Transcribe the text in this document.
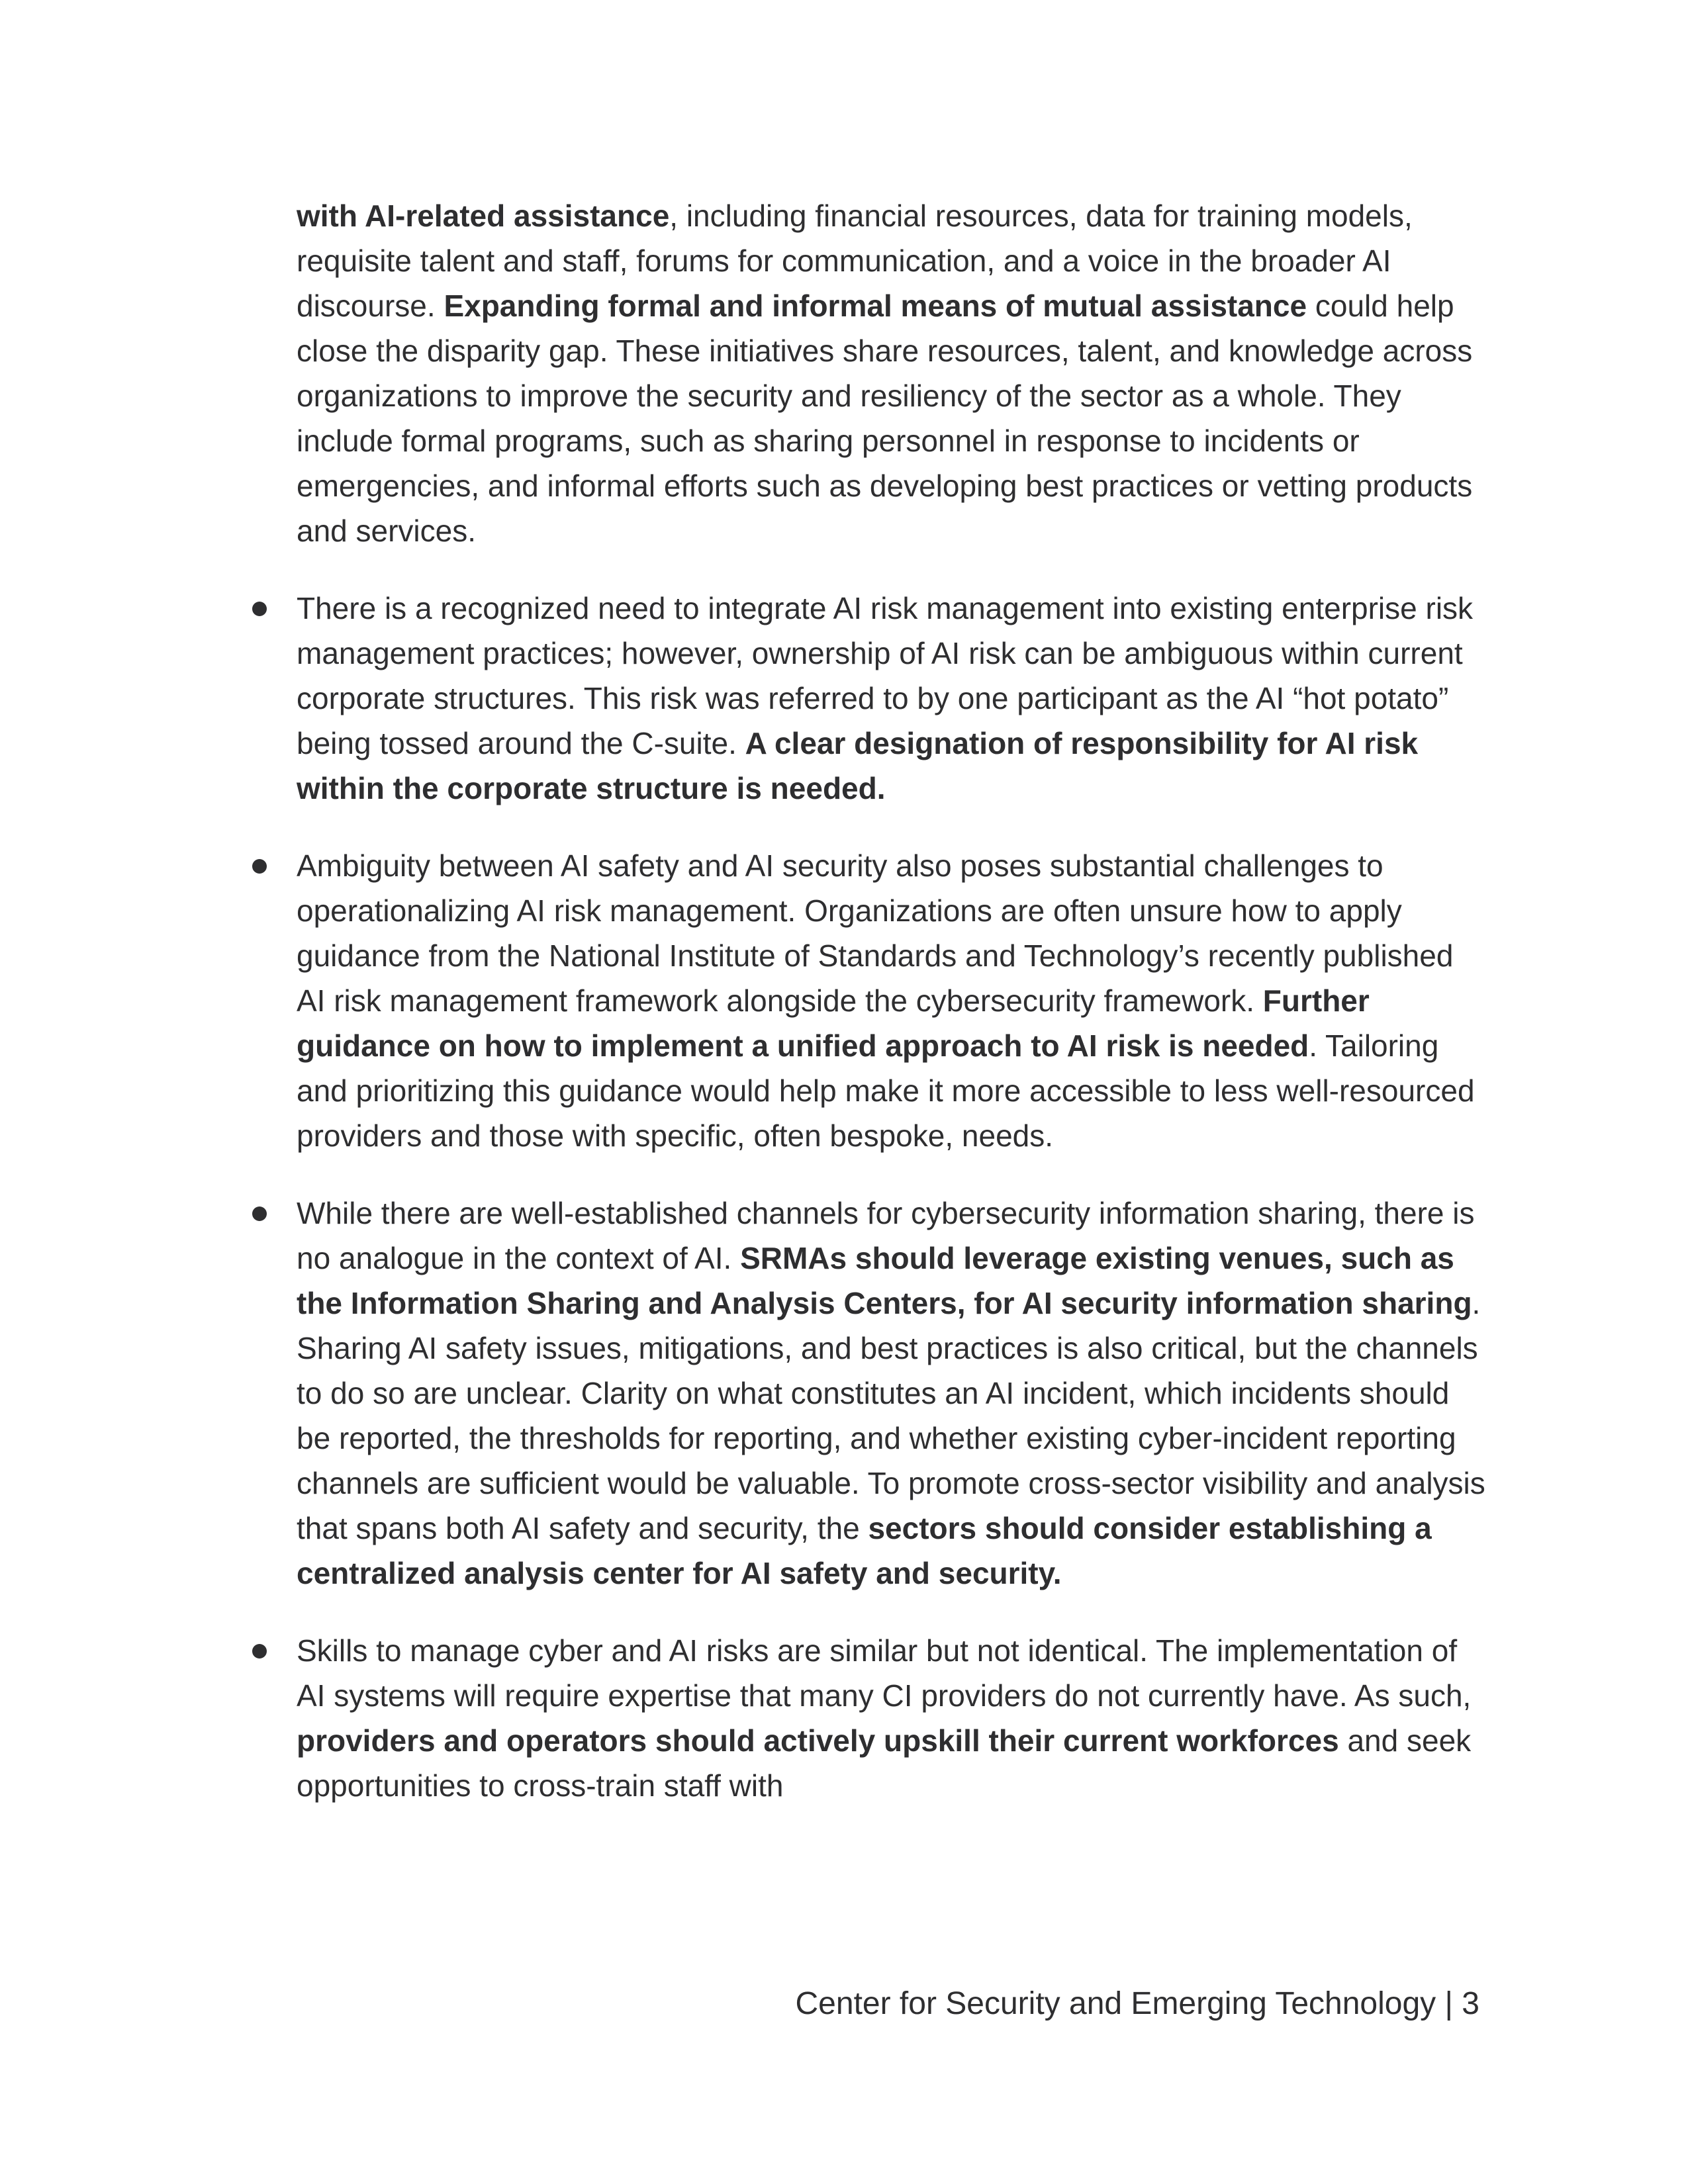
with AI-related assistance, including financial resources, data for training models, requisite talent and staff, forums for communication, and a voice in the broader AI discourse. Expanding formal and informal means of mutual assistance could help close the disparity gap. These initiatives share resources, talent, and knowledge across organizations to improve the security and resiliency of the sector as a whole. They include formal programs, such as sharing personnel in response to incidents or emergencies, and informal efforts such as developing best practices or vetting products and services.

There is a recognized need to integrate AI risk management into existing enterprise risk management practices; however, ownership of AI risk can be ambiguous within current corporate structures. This risk was referred to by one participant as the AI “hot potato” being tossed around the C-suite. A clear designation of responsibility for AI risk within the corporate structure is needed.

Ambiguity between AI safety and AI security also poses substantial challenges to operationalizing AI risk management. Organizations are often unsure how to apply guidance from the National Institute of Standards and Technology’s recently published AI risk management framework alongside the cybersecurity framework. Further guidance on how to implement a unified approach to AI risk is needed. Tailoring and prioritizing this guidance would help make it more accessible to less well-resourced providers and those with specific, often bespoke, needs.

While there are well-established channels for cybersecurity information sharing, there is no analogue in the context of AI. SRMAs should leverage existing venues, such as the Information Sharing and Analysis Centers, for AI security information sharing. Sharing AI safety issues, mitigations, and best practices is also critical, but the channels to do so are unclear. Clarity on what constitutes an AI incident, which incidents should be reported, the thresholds for reporting, and whether existing cyber-incident reporting channels are sufficient would be valuable. To promote cross-sector visibility and analysis that spans both AI safety and security, the sectors should consider establishing a centralized analysis center for AI safety and security.

Skills to manage cyber and AI risks are similar but not identical. The implementation of AI systems will require expertise that many CI providers do not currently have. As such, providers and operators should actively upskill their current workforces and seek opportunities to cross-train staff with

Center for Security and Emerging Technology | 3
